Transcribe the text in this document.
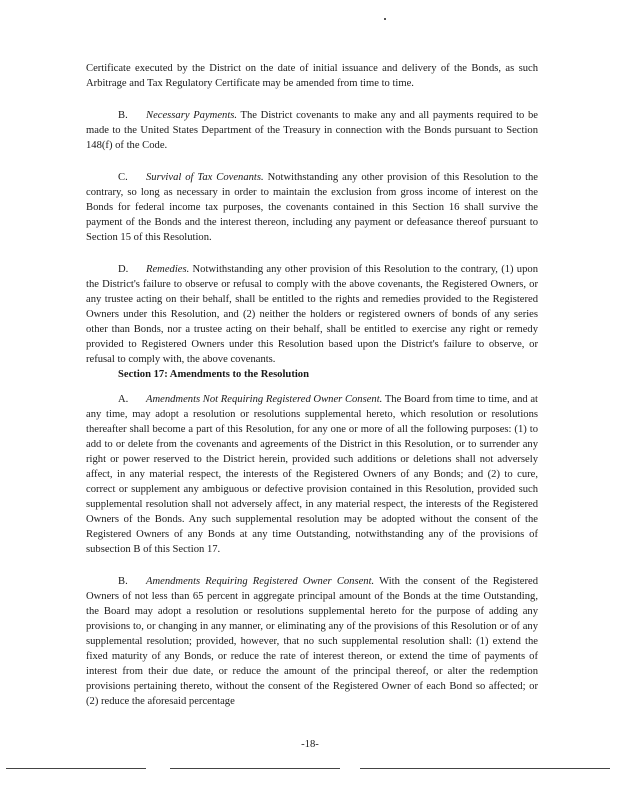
Certificate executed by the District on the date of initial issuance and delivery of the Bonds, as such Arbitrage and Tax Regulatory Certificate may be amended from time to time.

B. Necessary Payments. The District covenants to make any and all payments required to be made to the United States Department of the Treasury in connection with the Bonds pursuant to Section 148(f) of the Code.

C. Survival of Tax Covenants. Notwithstanding any other provision of this Resolution to the contrary, so long as necessary in order to maintain the exclusion from gross income of interest on the Bonds for federal income tax purposes, the covenants contained in this Section 16 shall survive the payment of the Bonds and the interest thereon, including any payment or defeasance thereof pursuant to Section 15 of this Resolution.

D. Remedies. Notwithstanding any other provision of this Resolution to the contrary, (1) upon the District's failure to observe or refusal to comply with the above covenants, the Registered Owners, or any trustee acting on their behalf, shall be entitled to the rights and remedies provided to the Registered Owners under this Resolution, and (2) neither the holders or registered owners of bonds of any series other than Bonds, nor a trustee acting on their behalf, shall be entitled to exercise any right or remedy provided to Registered Owners under this Resolution based upon the District's failure to observe, or refusal to comply with, the above covenants.

Section 17: Amendments to the Resolution

A. Amendments Not Requiring Registered Owner Consent. The Board from time to time, and at any time, may adopt a resolution or resolutions supplemental hereto, which resolution or resolutions thereafter shall become a part of this Resolution, for any one or more of all the following purposes: (1) to add to or delete from the covenants and agreements of the District in this Resolution, or to surrender any right or power reserved to the District herein, provided such additions or deletions shall not adversely affect, in any material respect, the interests of the Registered Owners of any Bonds; and (2) to cure, correct or supplement any ambiguous or defective provision contained in this Resolution, provided such supplemental resolution shall not adversely affect, in any material respect, the interests of the Registered Owners of the Bonds. Any such supplemental resolution may be adopted without the consent of the Registered Owners of any Bonds at any time Outstanding, notwithstanding any of the provisions of subsection B of this Section 17.

B. Amendments Requiring Registered Owner Consent. With the consent of the Registered Owners of not less than 65 percent in aggregate principal amount of the Bonds at the time Outstanding, the Board may adopt a resolution or resolutions supplemental hereto for the purpose of adding any provisions to, or changing in any manner, or eliminating any of the provisions of this Resolution or of any supplemental resolution; provided, however, that no such supplemental resolution shall: (1) extend the fixed maturity of any Bonds, or reduce the rate of interest thereon, or extend the time of payments of interest from their due date, or reduce the amount of the principal thereof, or alter the redemption provisions pertaining thereto, without the consent of the Registered Owner of each Bond so affected; or (2) reduce the aforesaid percentage

-18-
